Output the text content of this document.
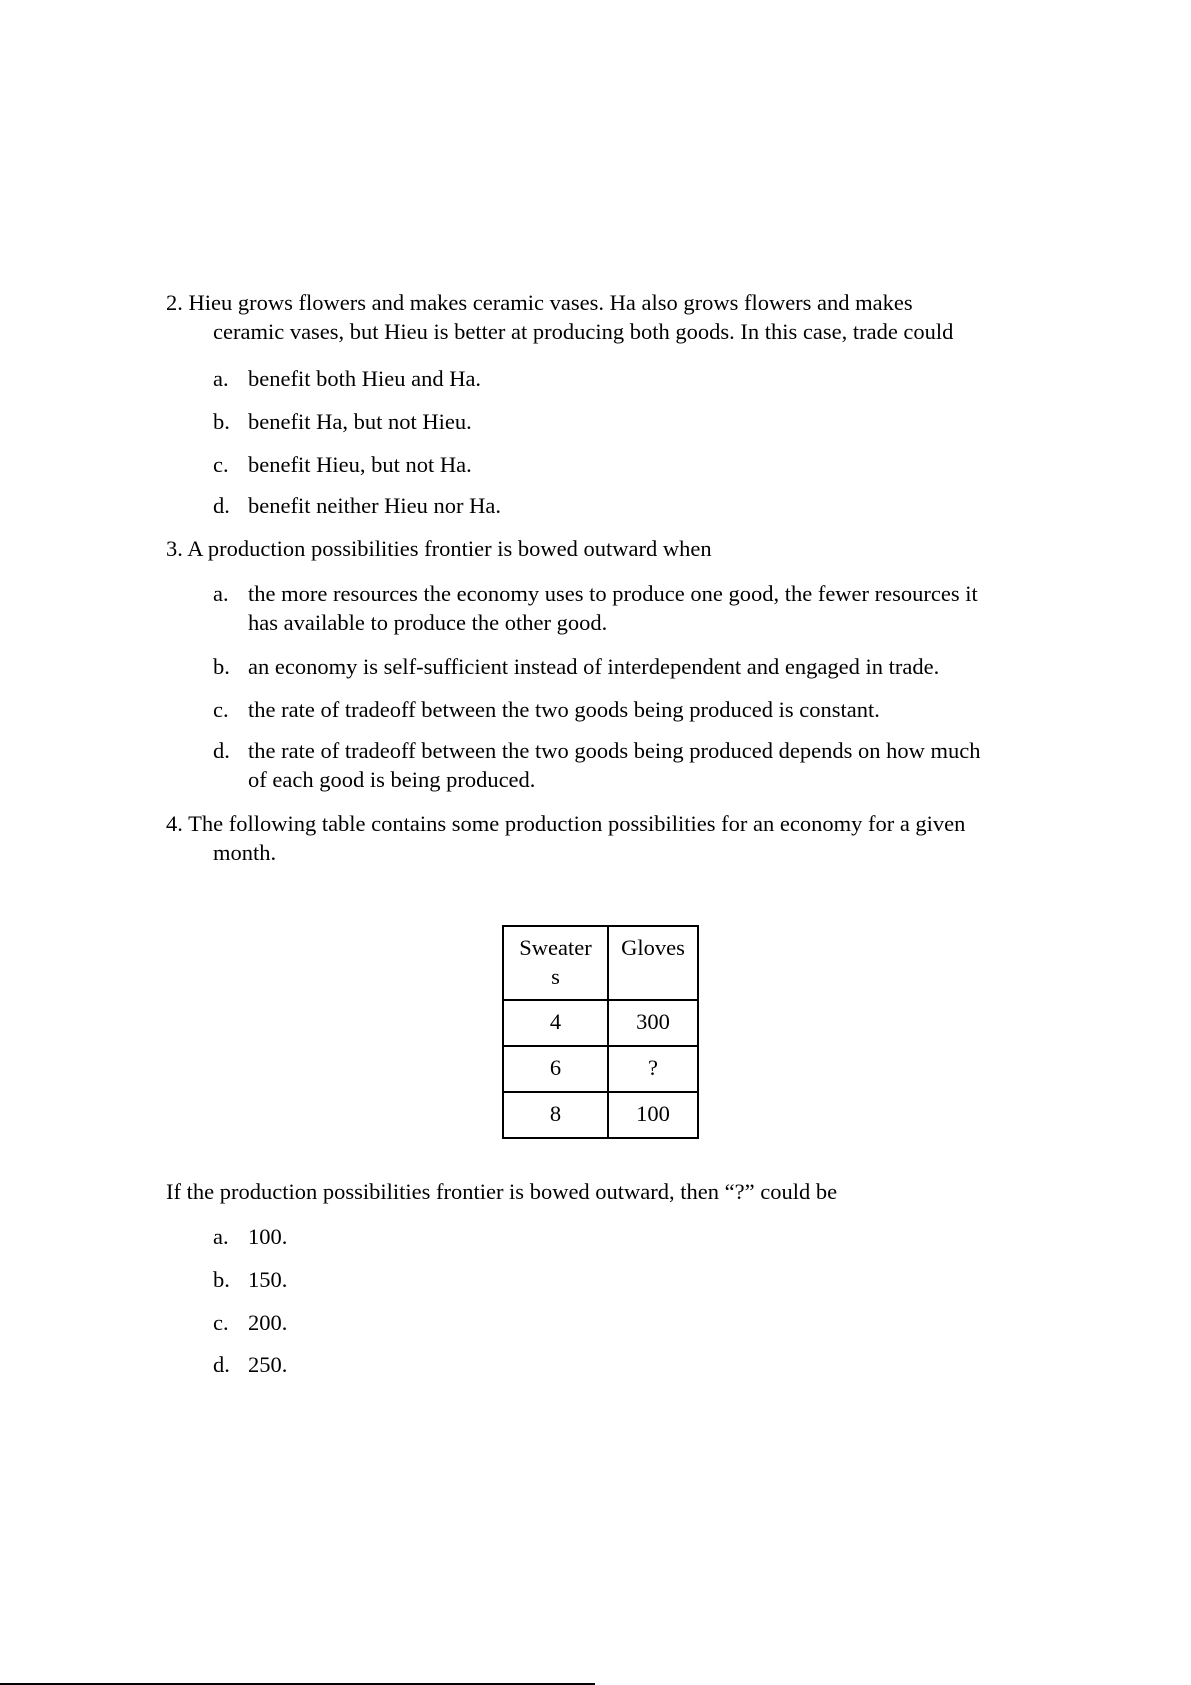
2. Hieu grows flowers and makes ceramic vases. Ha also grows flowers and makes
ceramic vases, but Hieu is better at producing both goods. In this case, trade could
a. benefit both Hieu and Ha.
b. benefit Ha, but not Hieu.
c. benefit Hieu, but not Ha.
d. benefit neither Hieu nor Ha.
3. A production possibilities frontier is bowed outward when
a. the more resources the economy uses to produce one good, the fewer resources it
has available to produce the other good.
b. an economy is self-sufficient instead of interdependent and engaged in trade.
c. the rate of tradeoff between the two goods being produced is constant.
d. the rate of tradeoff between the two goods being produced depends on how much
of each good is being produced.
4. The following table contains some production possibilities for an economy for a given
month.
Sweater
s	Gloves
4	300
6	?
8	100
If the production possibilities frontier is bowed outward, then “?” could be
a. 100.
b. 150.
c. 200.
d. 250.
